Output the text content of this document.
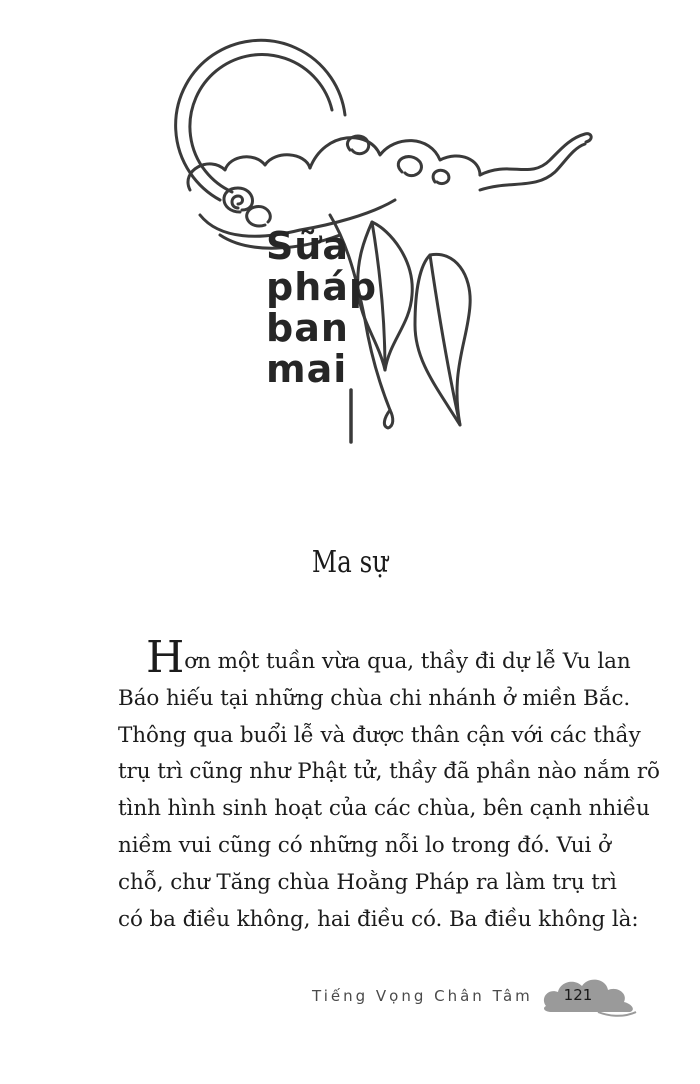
Sữa
pháp
ban
mai
Ma sự
Hơn một tuần vừa qua, thầy đi dự lễ Vu lan
Báo hiếu tại những chùa chi nhánh ở miền Bắc.
Thông qua buổi lễ và được thân cận với các thầy
trụ trì cũng như Phật tử, thầy đã phần nào nắm rõ
tình hình sinh hoạt của các chùa, bên cạnh nhiều
niềm vui cũng có những nỗi lo trong đó. Vui ở
chỗ, chư Tăng chùa Hoằng Pháp ra làm trụ trì
có ba điều không, hai điều có. Ba điều không là:
Tiếng Vọng Chân Tâm	121
